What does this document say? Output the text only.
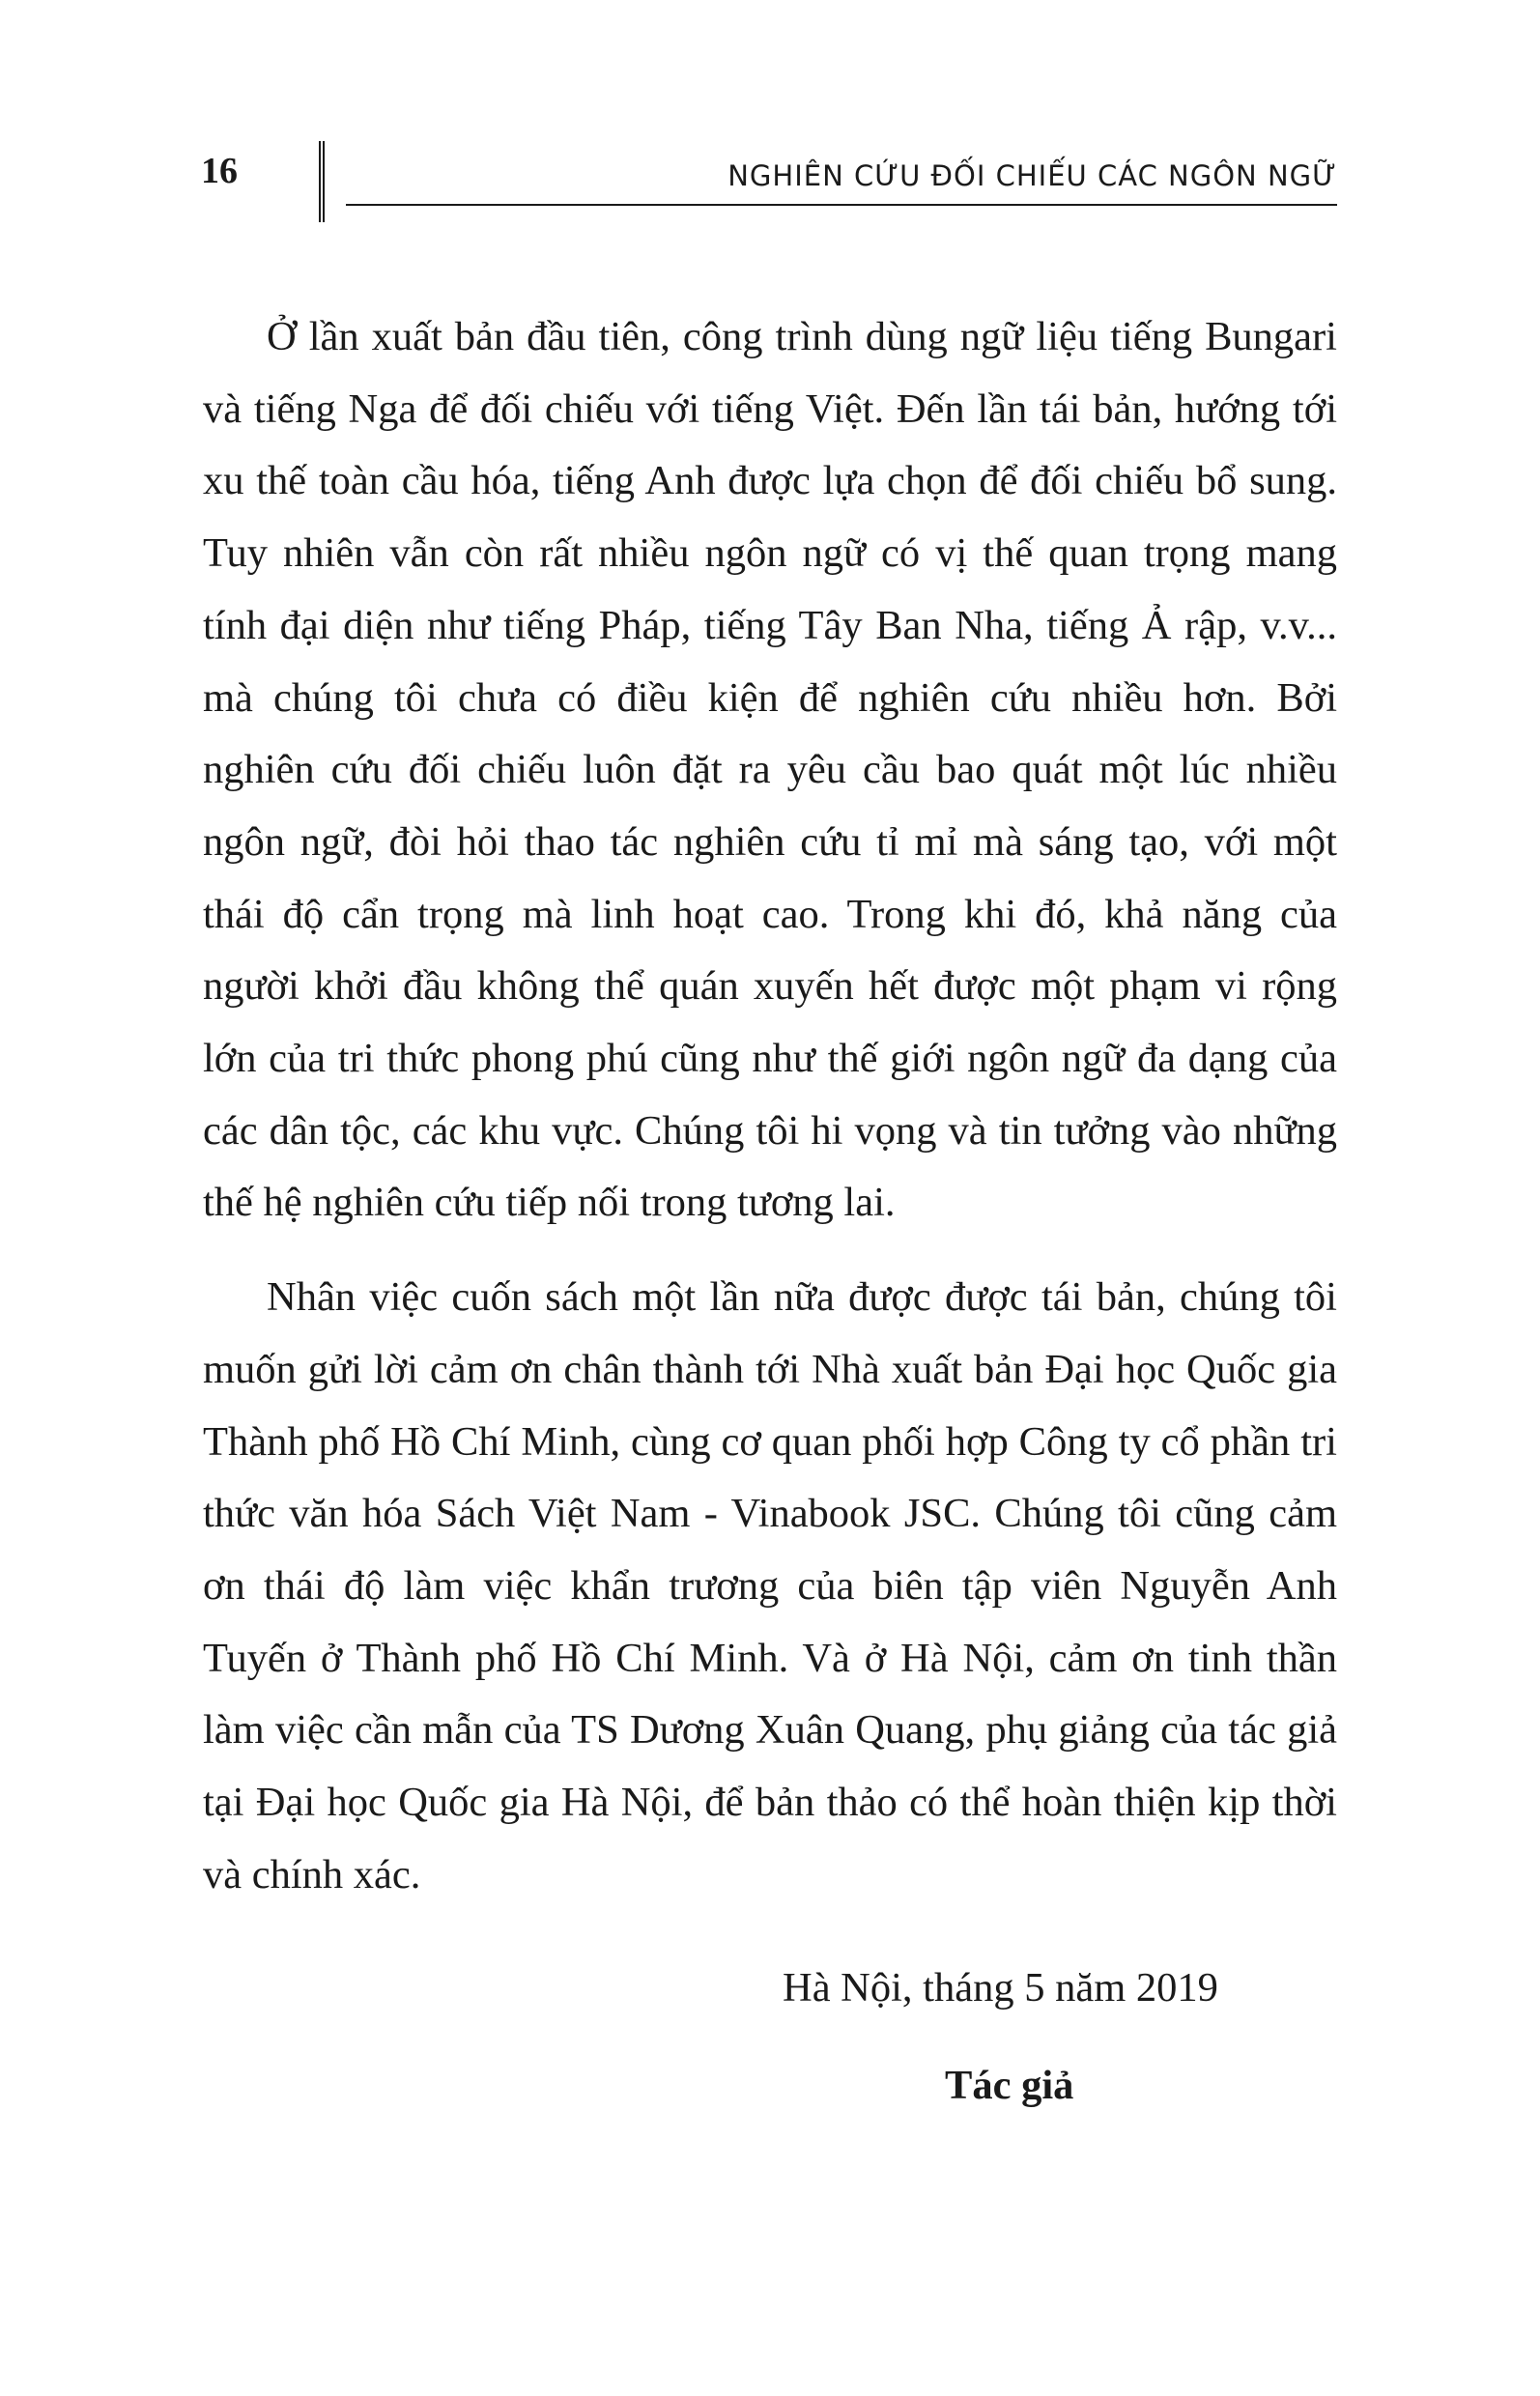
16	NGHIÊN CỨU ĐỐI CHIẾU CÁC NGÔN NGỮ

Ở lần xuất bản đầu tiên, công trình dùng ngữ liệu tiếng Bungari và tiếng Nga để đối chiếu với tiếng Việt. Đến lần tái bản, hướng tới xu thế toàn cầu hóa, tiếng Anh được lựa chọn để đối chiếu bổ sung. Tuy nhiên vẫn còn rất nhiều ngôn ngữ có vị thế quan trọng mang tính đại diện như tiếng Pháp, tiếng Tây Ban Nha, tiếng Ả rập, v.v... mà chúng tôi chưa có điều kiện để nghiên cứu nhiều hơn. Bởi nghiên cứu đối chiếu luôn đặt ra yêu cầu bao quát một lúc nhiều ngôn ngữ, đòi hỏi thao tác nghiên cứu tỉ mỉ mà sáng tạo, với một thái độ cẩn trọng mà linh hoạt cao. Trong khi đó, khả năng của người khởi đầu không thể quán xuyến hết được một phạm vi rộng lớn của tri thức phong phú cũng như thế giới ngôn ngữ đa dạng của các dân tộc, các khu vực. Chúng tôi hi vọng và tin tưởng vào những thế hệ nghiên cứu tiếp nối trong tương lai.

Nhân việc cuốn sách một lần nữa được được tái bản, chúng tôi muốn gửi lời cảm ơn chân thành tới Nhà xuất bản Đại học Quốc gia Thành phố Hồ Chí Minh, cùng cơ quan phối hợp Công ty cổ phần tri thức văn hóa Sách Việt Nam - Vinabook JSC. Chúng tôi cũng cảm ơn thái độ làm việc khẩn trương của biên tập viên Nguyễn Anh Tuyến ở Thành phố Hồ Chí Minh. Và ở Hà Nội, cảm ơn tinh thần làm việc cần mẫn của TS Dương Xuân Quang, phụ giảng của tác giả tại Đại học Quốc gia Hà Nội, để bản thảo có thể hoàn thiện kịp thời và chính xác.

Hà Nội, tháng 5 năm 2019
Tác giả
